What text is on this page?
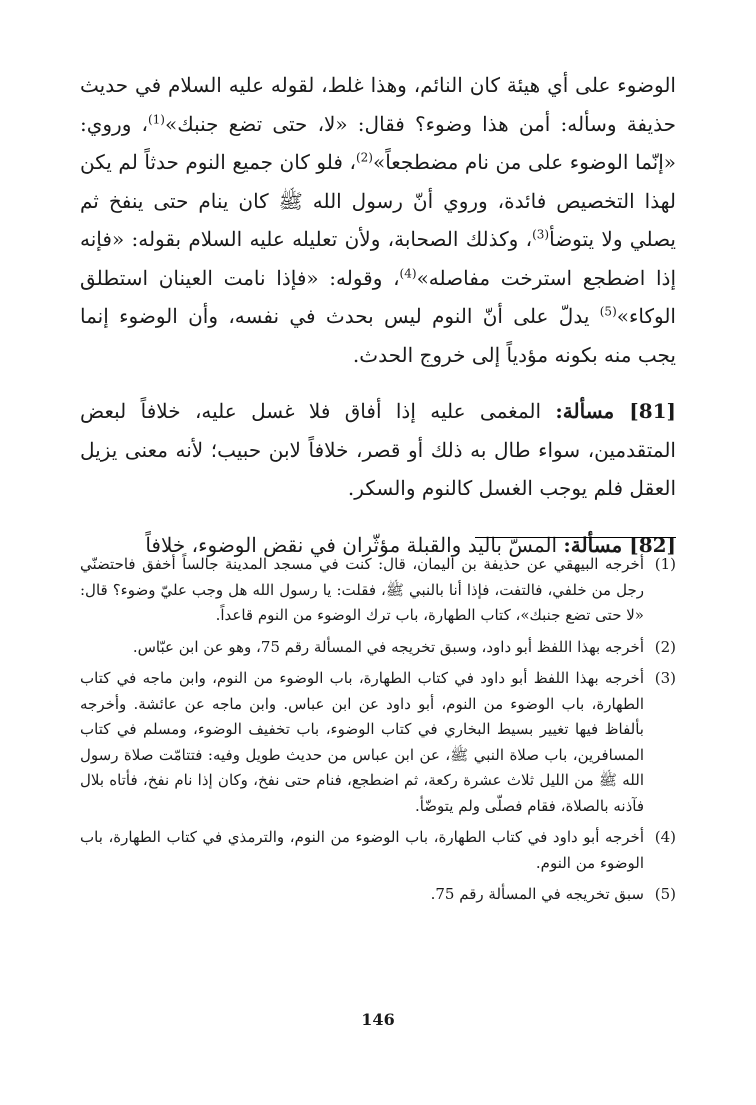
الوضوء على أي هيئة كان النائم، وهذا غلط، لقوله عليه السلام في حديث حذيفة وسأله: أمن هذا وضوء؟ فقال: «لا، حتى تضع جنبك»$^{(1)}$، وروي: «إنّما الوضوء على من نام مضطجعاً»$^{(2)}$، فلو كان جميع النوم حدثاً لم يكن لهذا التخصيص فائدة، وروي أنّ رسول الله ﷺ كان ينام حتى ينفخ ثم يصلي ولا يتوضأ$^{(3)}$، وكذلك الصحابة، ولأن تعليله عليه السلام بقوله: «فإنه إذا اضطجع استرخت مفاصله»$^{(4)}$، وقوله: «فإذا نامت العينان استطلق الوكاء»$^{(5)}$ يدلّ على أنّ النوم ليس بحدث في نفسه، وأن الوضوء إنما يجب منه بكونه مؤدياً إلى خروج الحدث.

[81] مسألة: المغمى عليه إذا أفاق فلا غسل عليه، خلافاً لبعض المتقدمين، سواء طال به ذلك أو قصر، خلافاً لابن حبيب؛ لأنه معنى يزيل العقل فلم يوجب الغسل كالنوم والسكر.

[82] مسألة: المسّ باليد والقبلة مؤثّران في نقض الوضوء، خلافاً

(1)
أخرجه البيهقي عن حذيفة بن اليمان، قال: كنت في مسجد المدينة جالساً أخفق فاحتضنّي رجل من خلفي، فالتفت، فإذا أنا بالنبي ﷺ، فقلت: يا رسول الله هل وجب عليّ وضوء؟ قال: «لا حتى تضع جنبك»، كتاب الطهارة، باب ترك الوضوء من النوم قاعداً.
(2)
أخرجه بهذا اللفظ أبو داود، وسبق تخريجه في المسألة رقم 75، وهو عن ابن عبّاس.
(3)
أخرجه بهذا اللفظ أبو داود في كتاب الطهارة، باب الوضوء من النوم، وابن ماجه في كتاب الطهارة، باب الوضوء من النوم، أبو داود عن ابن عباس. وابن ماجه عن عائشة. وأخرجه بألفاظ فيها تغيير بسيط البخاري في كتاب الوضوء، باب تخفيف الوضوء، ومسلم في كتاب المسافرين، باب صلاة النبي ﷺ، عن ابن عباس من حديث طويل وفيه: فتتامّت صلاة رسول الله ﷺ من الليل ثلاث عشرة ركعة، ثم اضطجع، فنام حتى نفخ، وكان إذا نام نفخ، فأتاه بلال فآذنه بالصلاة، فقام فصلّى ولم يتوضّأ.
(4)
أخرجه أبو داود في كتاب الطهارة، باب الوضوء من النوم، والترمذي في كتاب الطهارة، باب الوضوء من النوم.
(5)
سبق تخريجه في المسألة رقم 75.
146
